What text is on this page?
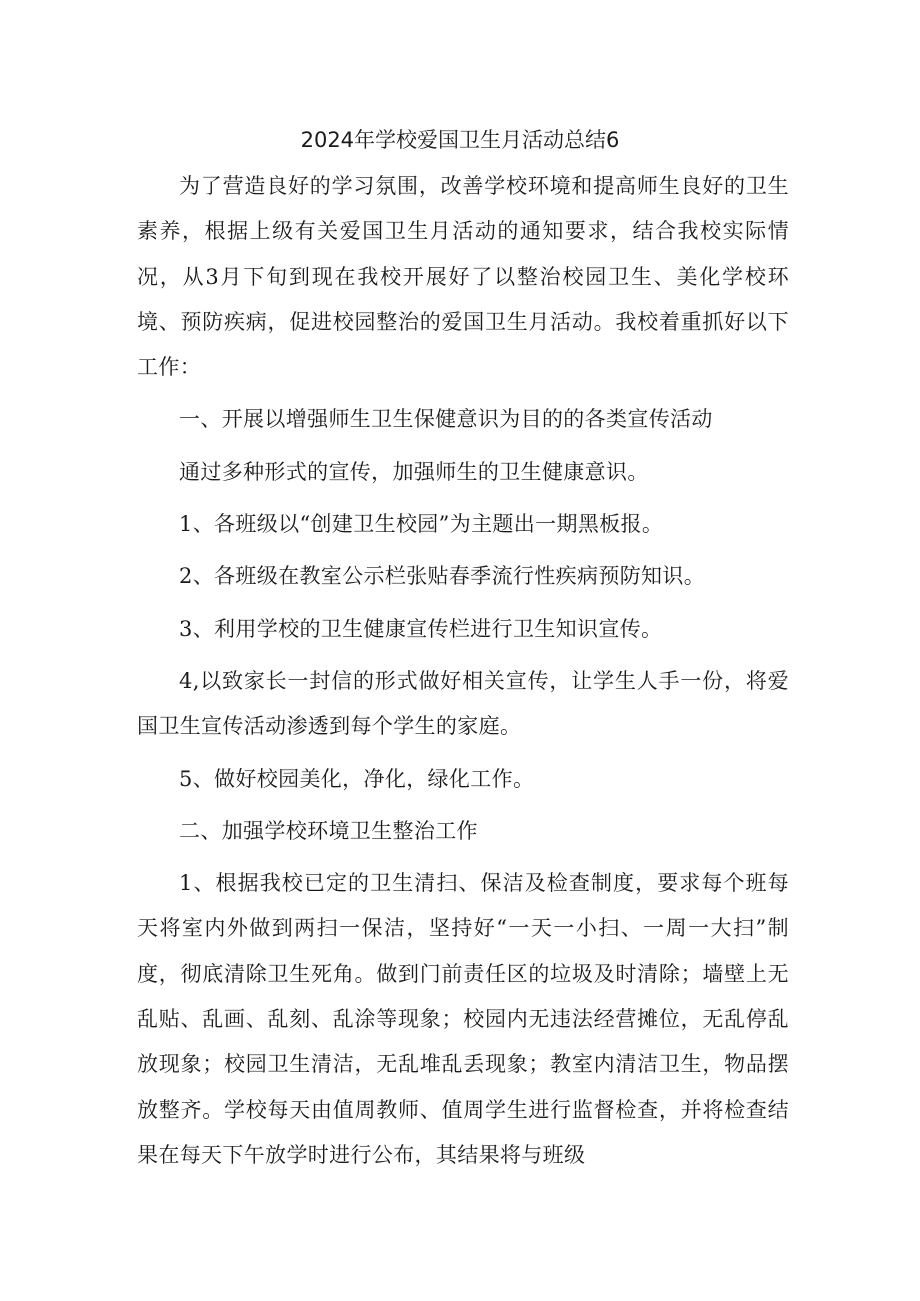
2024年学校爱国卫生月活动总结6

为了营造良好的学习氛围，改善学校环境和提高师生良好的卫生素养，根据上级有关爱国卫生月活动的通知要求，结合我校实际情况，从3月下旬到现在我校开展好了以整治校园卫生、美化学校环境、预防疾病，促进校园整治的爱国卫生月活动。我校着重抓好以下工作：

一、开展以增强师生卫生保健意识为目的的各类宣传活动

通过多种形式的宣传，加强师生的卫生健康意识。

1、各班级以“创建卫生校园”为主题出一期黑板报。

2、各班级在教室公示栏张贴春季流行性疾病预防知识。

3、利用学校的卫生健康宣传栏进行卫生知识宣传。

4,以致家长一封信的形式做好相关宣传，让学生人手一份，将爱国卫生宣传活动渗透到每个学生的家庭。

5、做好校园美化，净化，绿化工作。

二、加强学校环境卫生整治工作

1、根据我校已定的卫生清扫、保洁及检查制度，要求每个班每天将室内外做到两扫一保洁，坚持好“一天一小扫、一周一大扫”制度，彻底清除卫生死角。做到门前责任区的垃圾及时清除；墙壁上无乱贴、乱画、乱刻、乱涂等现象；校园内无违法经营摊位，无乱停乱放现象；校园卫生清洁，无乱堆乱丢现象；教室内清洁卫生，物品摆放整齐。学校每天由值周教师、值周学生进行监督检查，并将检查结果在每天下午放学时进行公布，其结果将与班级
